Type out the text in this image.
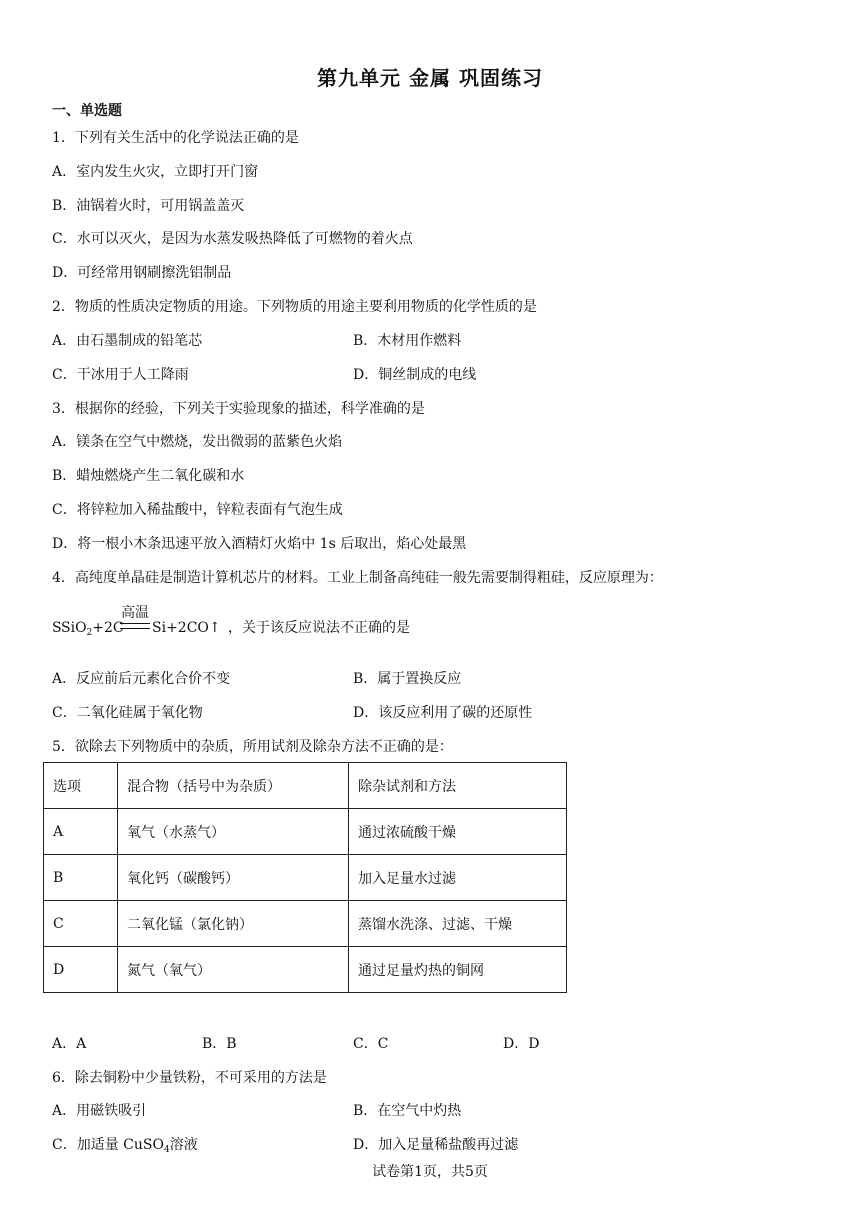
第九单元 金属 巩固练习
一、单选题
1．下列有关生活中的化学说法正确的是
A．室内发生火灾，立即打开门窗
B．油锅着火时，可用锅盖盖灭
C．水可以灭火，是因为水蒸发吸热降低了可燃物的着火点
D．可经常用钢刷擦洗铝制品
2．物质的性质决定物质的用途。下列物质的用途主要利用物质的化学性质的是
A．由石墨制成的铅笔芯	B．木材用作燃料
C．干冰用于人工降雨	D．铜丝制成的电线
3．根据你的经验，下列关于实验现象的描述，科学准确的是
A．镁条在空气中燃烧，发出微弱的蓝紫色火焰
B．蜡烛燃烧产生二氧化碳和水
C．将锌粒加入稀盐酸中，锌粒表面有气泡生成
D．将一根小木条迅速平放入酒精灯火焰中 1s 后取出，焰心处最黑
4．高纯度单晶硅是制造计算机芯片的材料。工业上制备高纯硅一般先需要制得粗硅，反应原理为：
S SiO$_2$+2C
高温
Si+2CO↑ ，关于该反应说法不正确的是
A．反应前后元素化合价不变	B．属于置换反应
C．二氧化硅属于氧化物	D．该反应利用了碳的还原性
5．欲除去下列物质中的杂质，所用试剂及除杂方法不正确的是：
选项	混合物（括号中为杂质）	除杂试剂和方法
A	氧气（水蒸气）	通过浓硫酸干燥
B	氧化钙（碳酸钙）	加入足量水过滤
C	二氧化锰（氯化钠）	蒸馏水洗涤、过滤、干燥
D	氮气（氧气）	通过足量灼热的铜网
A．A	B．B	C．C	D．D
6．除去铜粉中少量铁粉，不可采用的方法是
A．用磁铁吸引	B．在空气中灼热
C．加适量 CuSO$_4$溶液	D．加入足量稀盐酸再过滤
试卷第1页，共5页
